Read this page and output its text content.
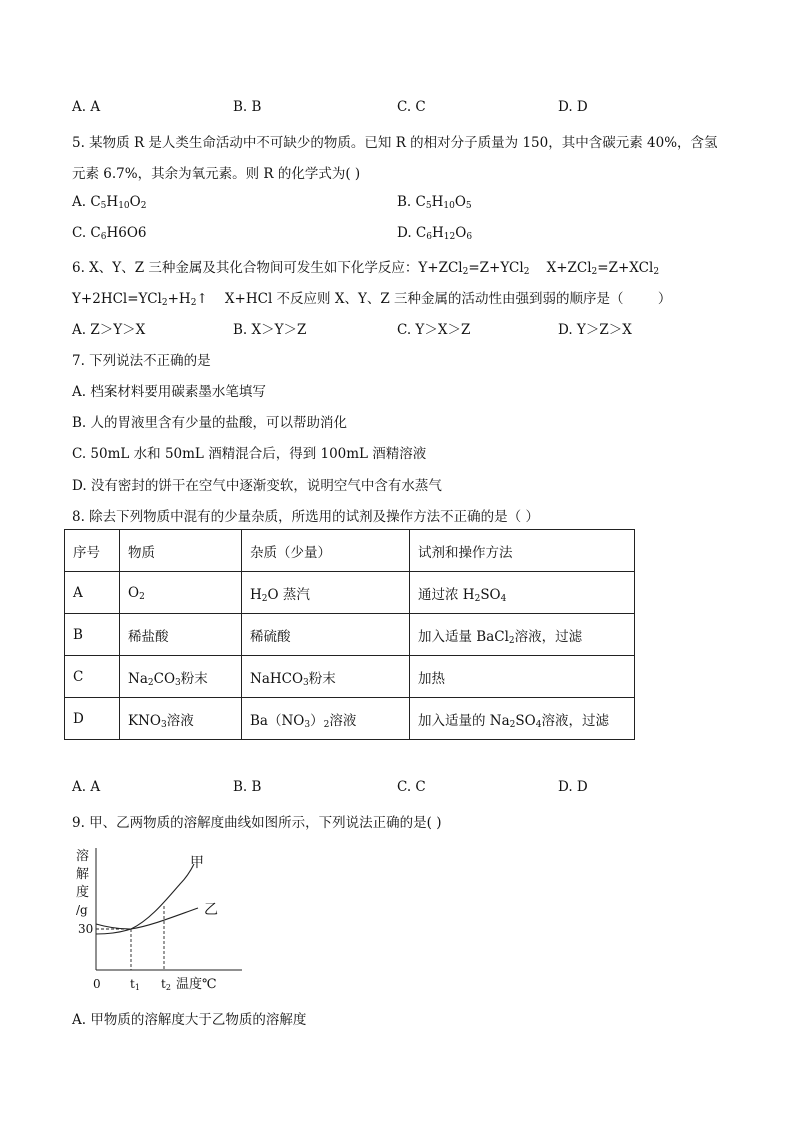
A. A	B. B	C. C	D. D
5. 某物质 R 是人类生命活动中不可缺少的物质。已知 R 的相对分子质量为 150，其中含碳元素 40%，含氢
元素 6.7%，其余为氧元素。则 R 的化学式为( )
A. $C_5H_{10}O_2$	B. $C_5H_{10}O_5$
C. $C_6H6O6$	D. $C_6H_{12}O_6$
6. X、Y、Z 三种金属及其化合物间可发生如下化学反应：Y+ZCl$_2$=Z+YCl$_2$    X+ZCl$_2$=Z+XCl$_2$
$Y+2HCl=YCl_2+H_2↑$    X+HCl 不反应则 X、Y、Z 三种金属的活动性由强到弱的顺序是（        ）
A. Z＞Y＞X	B. X＞Y＞Z	C. Y＞X＞Z	D. Y＞Z＞X
7. 下列说法不正确的是
A. 档案材料要用碳素墨水笔填写
B. 人的胃液里含有少量的盐酸，可以帮助消化
C. 50mL 水和 50mL 酒精混合后，得到 100mL 酒精溶液
D. 没有密封的饼干在空气中逐渐变软，说明空气中含有水蒸气
8. 除去下列物质中混有的少量杂质，所选用的试剂及操作方法不正确的是（ ）
序号	物质	杂质（少量）	试剂和操作方法
A	$O_2$	$H_2O$ 蒸汽	通过浓 $H_2SO_4$
B	稀盐酸	稀硫酸	加入适量 BaCl$_2$溶液，过滤
C	$Na_2CO_3$粉末	NaHCO$_3$粉末	加热
D	$KNO_3$溶液	$Ba(NO_3)_2$溶液	加入适量的 $Na_2SO_4$溶液，过滤
A. A	B. B	C. C	D. D
9. 甲、乙两物质的溶解度曲线如图所示，下列说法正确的是( )
溶
解
度
/g
30
甲
乙
0 t1 t2 温度℃
A. 甲物质的溶解度大于乙物质的溶解度
